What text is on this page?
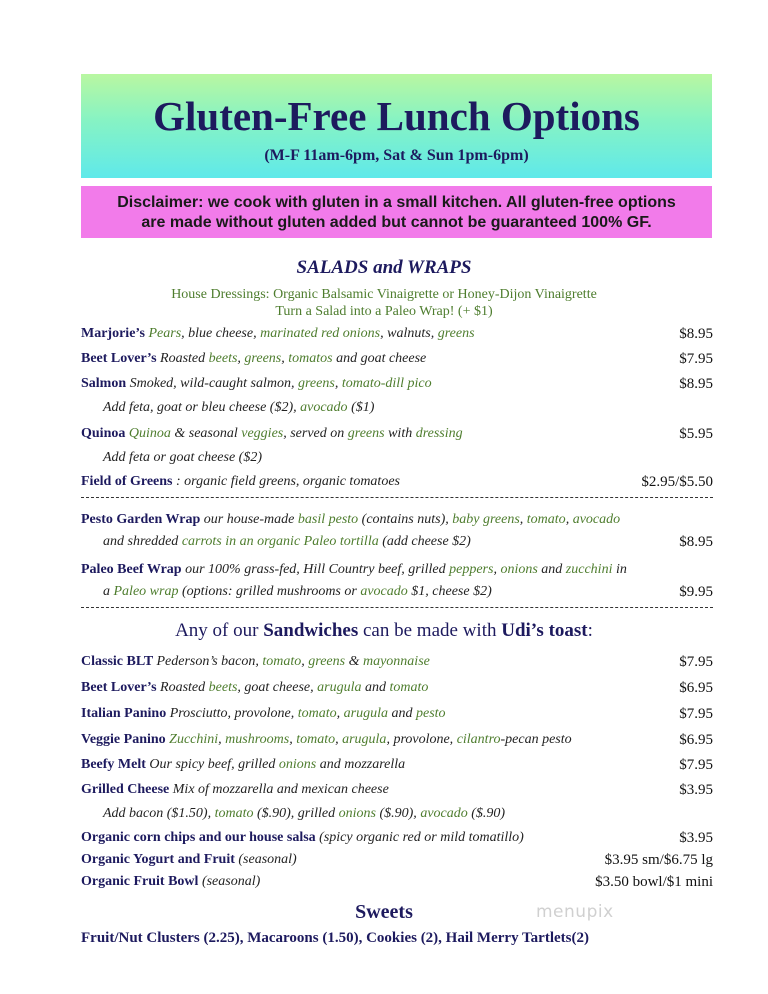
Gluten-Free Lunch Options
(M-F 11am-6pm, Sat & Sun 1pm-6pm)
Disclaimer: we cook with gluten in a small kitchen. All gluten-free options
are made without gluten added but cannot be guaranteed 100% GF.
SALADS and WRAPS
House Dressings: Organic Balsamic Vinaigrette or Honey-Dijon Vinaigrette
Turn a Salad into a Paleo Wrap! (+ $1)
Marjorie’s Pears, blue cheese, marinated red onions, walnuts, greens	$8.95
Beet Lover’s Roasted beets, greens, tomatos and goat cheese	$7.95
Salmon Smoked, wild-caught salmon, greens, tomato-dill pico	$8.95
Add feta, goat or bleu cheese ($2), avocado ($1)
Quinoa Quinoa & seasonal veggies, served on greens with dressing	$5.95
Add feta or goat cheese ($2)
Field of Greens : organic field greens, organic tomatoes	$2.95/$5.50
Pesto Garden Wrap our house-made basil pesto (contains nuts), baby greens, tomato, avocado
and shredded carrots in an organic Paleo tortilla (add cheese $2)	$8.95
Paleo Beef Wrap our 100% grass-fed, Hill Country beef, grilled peppers, onions and zucchini in
a Paleo wrap (options: grilled mushrooms or avocado $1, cheese $2)	$9.95
Any of our Sandwiches can be made with Udi’s toast:
Classic BLT Pederson’s bacon, tomato, greens & mayonnaise	$7.95
Beet Lover’s Roasted beets, goat cheese, arugula and tomato	$6.95
Italian Panino Prosciutto, provolone, tomato, arugula and pesto	$7.95
Veggie Panino Zucchini, mushrooms, tomato, arugula, provolone, cilantro-pecan pesto	$6.95
Beefy Melt Our spicy beef, grilled onions and mozzarella	$7.95
Grilled Cheese Mix of mozzarella and mexican cheese	$3.95
Add bacon ($1.50), tomato ($.90), grilled onions ($.90), avocado ($.90)
Organic corn chips and our house salsa (spicy organic red or mild tomatillo)	$3.95
Organic Yogurt and Fruit (seasonal)	$3.95 sm/$6.75 lg
Organic Fruit Bowl (seasonal)	$3.50 bowl/$1 mini
Sweets
Fruit/Nut Clusters (2.25), Macaroons (1.50), Cookies (2), Hail Merry Tartlets(2)
menupix
